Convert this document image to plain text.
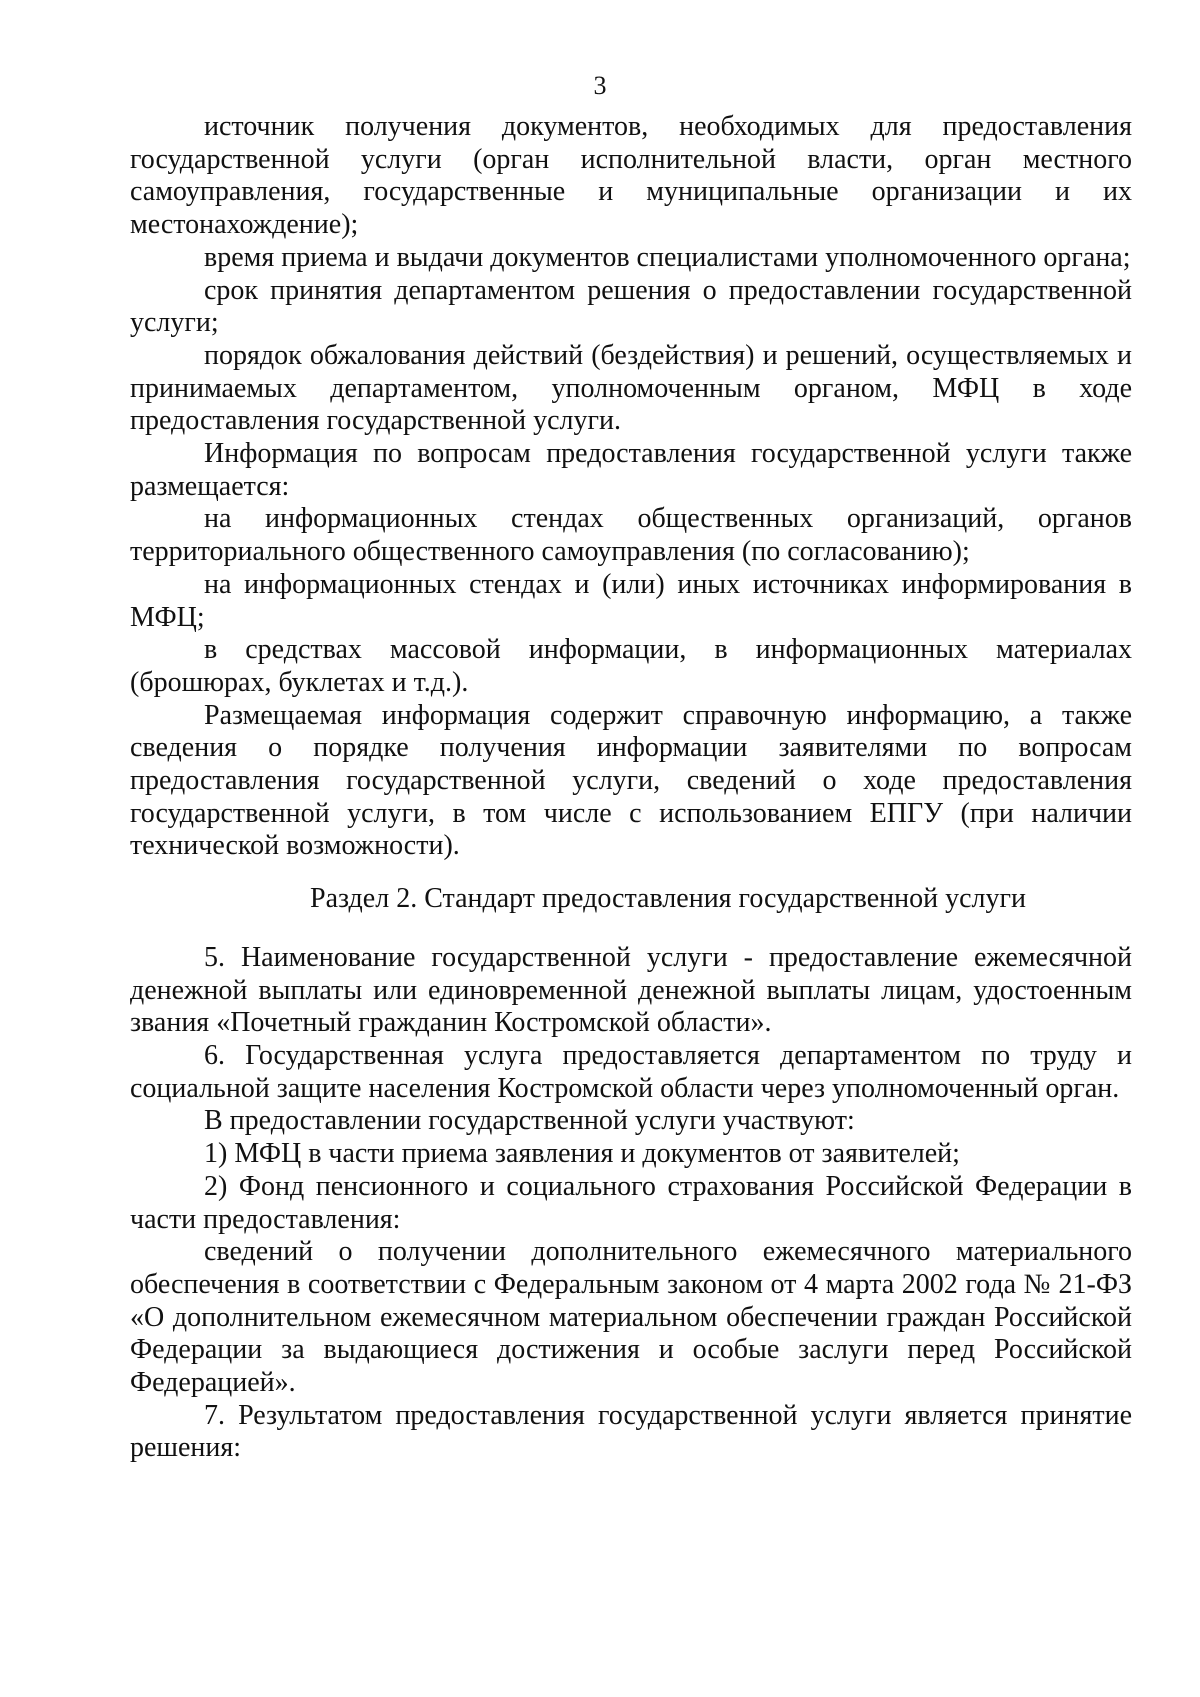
3

источник получения документов, необходимых для предоставления государственной услуги (орган исполнительной власти, орган местного самоуправления, государственные и муниципальные организации и их местонахождение);

время приема и выдачи документов специалистами уполномоченного органа;

срок принятия департаментом решения о предоставлении государственной услуги;

порядок обжалования действий (бездействия) и решений, осуществляемых и принимаемых департаментом, уполномоченным органом, МФЦ в ходе предоставления государственной услуги.

Информация по вопросам предоставления государственной услуги также размещается:

на информационных стендах общественных организаций, органов территориального общественного самоуправления (по согласованию);

на информационных стендах и (или) иных источниках информирования в МФЦ;

в средствах массовой информации, в информационных материалах (брошюрах, буклетах и т.д.).

Размещаемая информация содержит справочную информацию, а также сведения о порядке получения информации заявителями по вопросам предоставления государственной услуги, сведений о ходе предоставления государственной услуги, в том числе с использованием ЕПГУ (при наличии технической возможности).

Раздел 2. Стандарт предоставления государственной услуги

5. Наименование государственной услуги - предоставление ежемесячной денежной выплаты или единовременной денежной выплаты лицам, удостоенным звания «Почетный гражданин Костромской области».

6. Государственная услуга предоставляется департаментом по труду и социальной защите населения Костромской области через уполномоченный орган.

В предоставлении государственной услуги участвуют:

1) МФЦ в части приема заявления и документов от заявителей;

2) Фонд пенсионного и социального страхования Российской Федерации в части предоставления:

сведений о получении дополнительного ежемесячного материального обеспечения в соответствии с Федеральным законом от 4 марта 2002 года № 21-ФЗ «О дополнительном ежемесячном материальном обеспечении граждан Российской Федерации за выдающиеся достижения и особые заслуги перед Российской Федерацией».

7. Результатом предоставления государственной услуги является принятие решения:
